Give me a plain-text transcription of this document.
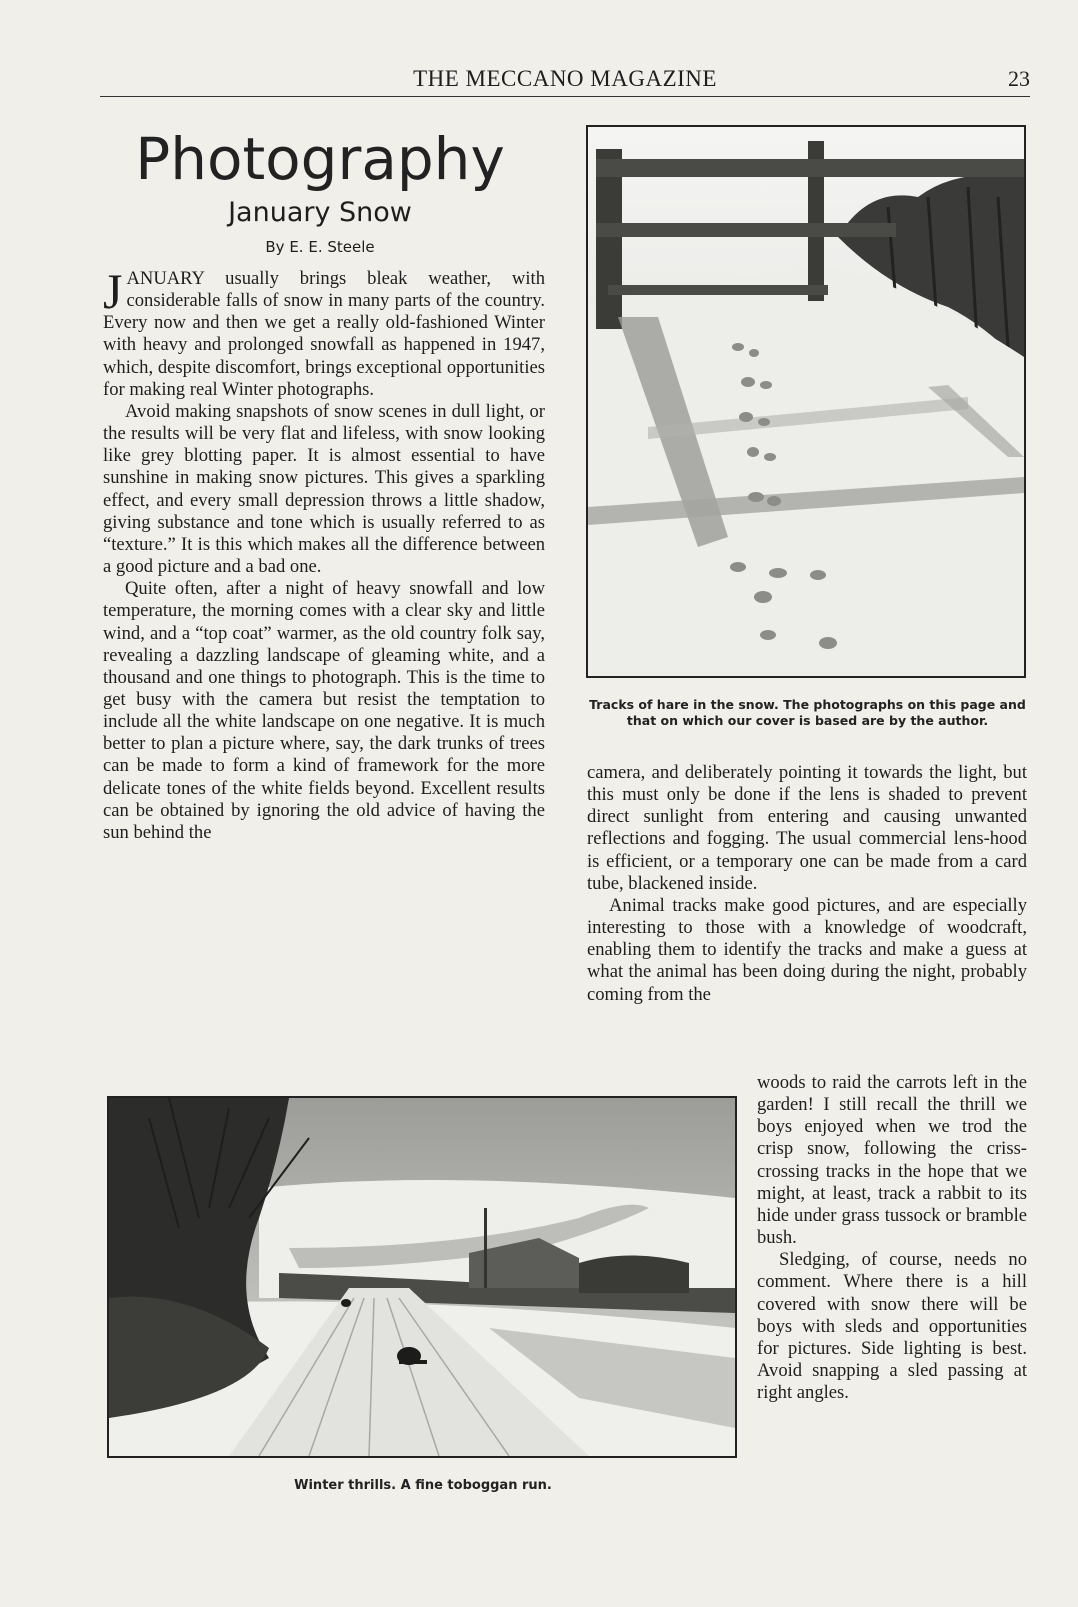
THE MECCANO MAGAZINE	23
Photography
January Snow
By E. E. Steele

JANUARY usually brings bleak weather, with considerable falls of snow in many parts of the country. Every now and then we get a really old-fashioned Winter with heavy and prolonged snowfall as happened in 1947, which, despite discomfort, brings exceptional opportunities for making real Winter photographs.

Avoid making snapshots of snow scenes in dull light, or the results will be very flat and lifeless, with snow looking like grey blotting paper. It is almost essential to have sunshine in making snow pictures. This gives a sparkling effect, and every small depression throws a little shadow, giving substance and tone which is usually referred to as “texture.” It is this which makes all the difference between a good picture and a bad one.

Quite often, after a night of heavy snowfall and low temperature, the morning comes with a clear sky and little wind, and a “top coat” warmer, as the old country folk say, revealing a dazzling landscape of gleaming white, and a thousand and one things to photograph. This is the time to get busy with the camera but resist the temptation to include all the white landscape on one negative. It is much better to plan a picture where, say, the dark trunks of trees can be made to form a kind of framework for the more delicate tones of the white fields beyond. Excellent results can be obtained by ignoring the old advice of having the sun behind the

Tracks of hare in the snow. The photographs on this page and that on which our cover is based are by the author.

camera, and deliberately pointing it towards the light, but this must only be done if the lens is shaded to prevent direct sunlight from entering and causing unwanted reflections and fogging. The usual commercial lens-hood is efficient, or a temporary one can be made from a card tube, blackened inside.

Animal tracks make good pictures, and are especially interesting to those with a knowledge of woodcraft, enabling them to identify the tracks and make a guess at what the animal has been doing during the night, probably coming from the

woods to raid the carrots left in the garden! I still recall the thrill we boys enjoyed when we trod the crisp snow, following the criss-crossing tracks in the hope that we might, at least, track a rabbit to its hide under grass tussock or bramble bush.

Sledging, of course, needs no comment. Where there is a hill covered with snow there will be boys with sleds and opportunities for pictures. Side lighting is best. Avoid snapping a sled passing at right angles.

Winter thrills. A fine toboggan run.
